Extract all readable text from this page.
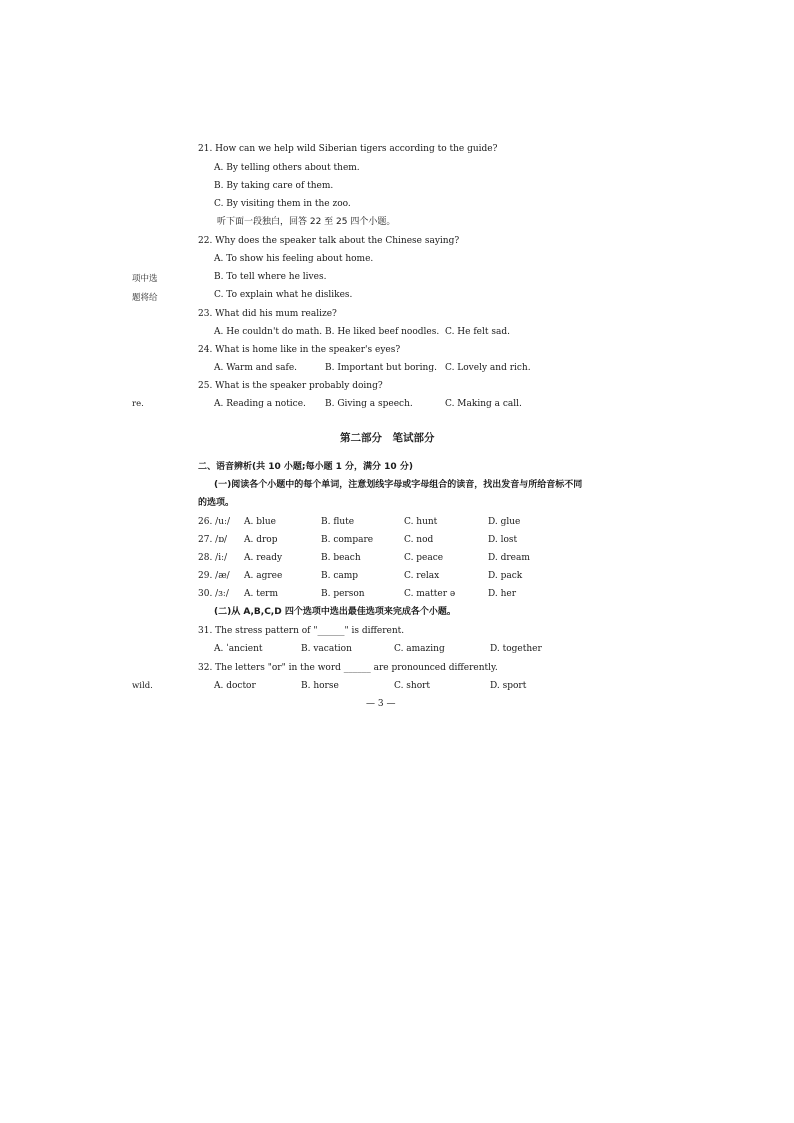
项中选
题将给
re.
wild.
21. How can we help wild Siberian tigers according to the guide?
A. By telling others about them.
B. By taking care of them.
C. By visiting them in the zoo.
听下面一段独白，回答 22 至 25 四个小题。
22. Why does the speaker talk about the Chinese saying?
A. To show his feeling about home.
B. To tell where he lives.
C. To explain what he dislikes.
23. What did his mum realize?
A. He couldn't do math. B. He liked beef noodles. C. He felt sad.
24. What is home like in the speaker's eyes?
A. Warm and safe.	B. Important but boring. C. Lovely and rich.
25. What is the speaker probably doing?
A. Reading a notice. B. Giving a speech.	C. Making a call.
第二部分　笔试部分
二、语音辨析(共 10 小题;每小题 1 分，满分 10 分)
(一)阅读各个小题中的每个单词，注意划线字母或字母组合的读音，找出发音与所给音标不同
的选项。
26. /uː/ A. blue	B. flute	C. hunt	D. glue
27. /ɒ/ A. drop	B. compare	C. nod	D. lost
28. /iː/ A. ready	B. beach	C. peace	D. dream
29. /æ/ A. agree	B. camp	C. relax	D. pack
30. /ɜː/ A. term	B. person	C. matter ə	D. her
(二)从 A,B,C,D 四个选项中选出最佳选项来完成各个小题。
31. The stress pattern of "______" is different.
A. ˈancient	B. vacation	C. amazing	D. together
32. The letters "or" in the word ______ are pronounced differently.
A. doctor	B. horse	C. short	D. sport
— 3 —
